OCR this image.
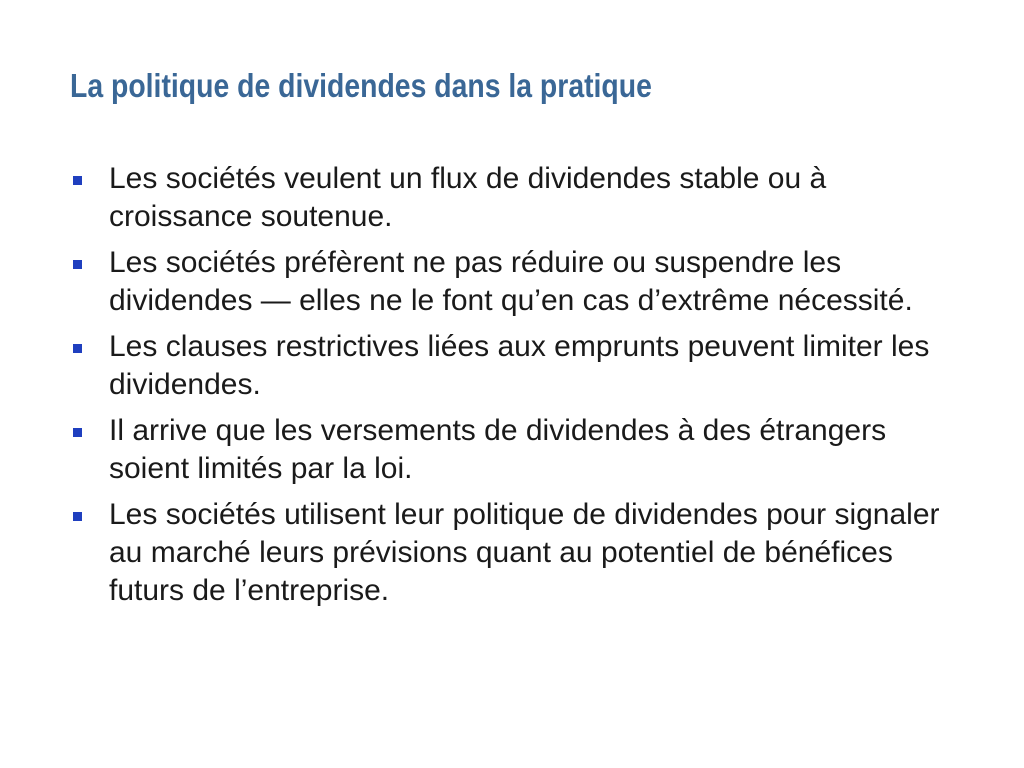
La politique de dividendes dans la pratique
Les sociétés veulent un flux de dividendes stable ou à croissance soutenue.
Les sociétés préfèrent ne pas réduire ou suspendre les dividendes — elles ne le font qu’en cas d’extrême nécessité.
Les clauses restrictives liées aux emprunts peuvent limiter les dividendes.
Il arrive que les versements de dividendes à des étrangers soient limités par la loi.
Les sociétés utilisent leur politique de dividendes pour signaler au marché leurs prévisions quant au potentiel de bénéfices futurs de l’entreprise.
